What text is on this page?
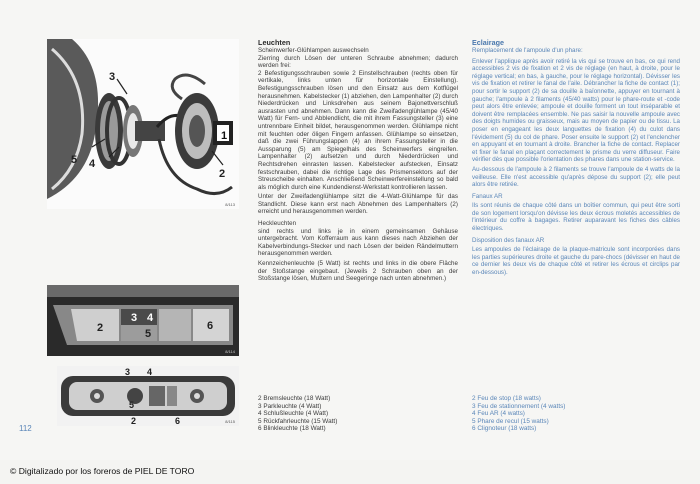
3
5 4
2
1
8/113
2
3 4
5
6
8/114
3 4
5
2	6	8/115
Leuchten

Scheinwerfer-Glühlampen auswechseln

Zierring durch Lösen der unteren Schraube abnehmen; dadurch werden frei:

2 Befestigungsschrauben sowie 2 Einstellschrauben (rechts oben für vertikale, links unten für horizontale Einstellung). Befestigungsschrauben lösen und den Einsatz aus dem Kotflügel herausnehmen. Kabelstecker (1) abziehen, den Lampenhalter (2) durch Niederdrücken und Linksdrehen aus seinem Bajonettverschluß ausrasten und abnehmen. Dann kann die Zweifadenglühlampe (45/40 Watt) für Fern- und Abblendlicht, die mit ihrem Fassungsteller (3) eine untrennbare Einheit bildet, herausgenommen werden. Glühlampe nicht mit feuchten oder öligen Fingern anfassen. Glühlampe so einsetzen, daß die zwei Führungslappen (4) an ihrem Fassungsteller in die Aussparung (5) am Spiegelhals des Scheinwerfers eingreifen. Lampenhalter (2) aufsetzen und durch Niederdrücken und Rechtsdrehen einrasten lassen. Kabelstecker aufstecken, Einsatz festschrauben, dabei die richtige Lage des Prismensektors auf der Streuscheibe einhalten. Anschließend Scheinwerfereinstellung so bald als möglich durch eine Kundendienst-Werkstatt kontrollieren lassen.

Unter der Zweifadenglühlampe sitzt die 4-Watt-Glühlampe für das Standlicht. Diese kann erst nach Abnehmen des Lampenhalters (2) erreicht und herausgenommen werden.

Heckleuchten

sind rechts und links je in einem gemeinsamen Gehäuse untergebracht. Vom Kofferraum aus kann dieses nach Abziehen der Kabelverbindungs-Stecker und nach Lösen der beiden Rändelmuttern herausgenommen werden.

Kennzeichenleuchte (5 Watt) ist rechts und links in die obere Fläche der Stoßstange eingebaut. (Jeweils 2 Schrauben oben an der Stoßstange lösen, Muttern und Seegeringe nach unten abnehmen.)

Eclairage

Remplacement de l'ampoule d'un phare:

Enlever l'applique après avoir retiré la vis qui se trouve en bas, ce qui rend accessibles 2 vis de fixation et 2 vis de réglage (en haut, à droite, pour le réglage vertical; en bas, à gauche, pour le réglage horizontal). Dévisser les vis de fixation et retirer le fanal de l'aile. Débrancher la fiche de contact (1); pour sortir le support (2) de sa douille à baïonnette, appuyer en tournant à gauche; l'ampoule à 2 filaments (45/40 watts) pour le phare-route et -code peut alors être enlevée; ampoule et douille forment un tout inséparable et doivent être remplacées ensemble. Ne pas saisir la nouvelle ampoule avec des doigts humides ou graisseux, mais au moyen de papier ou de tissu. La poser en engageant les deux languettes de fixation (4) du culot dans l'évidement (5) du col de phare. Poser ensuite le support (2) et l'enclencher en appuyant et en tournant à droite. Brancher la fiche de contact. Replacer et fixer le fanal en plaçant correctement le prisme du verre diffuseur. Faire vérifier dès que possible l'orientation des phares dans une station-service.

Au-dessous de l'ampoule à 2 filaments se trouve l'ampoule de 4 watts de la veilleuse. Elle n'est accessible qu'après dépose du support (2); elle peut alors être retirée.

Fanaux AR

Ils sont réunis de chaque côté dans un boîtier commun, qui peut être sorti de son logement lorsqu'on dévisse les deux écrous moletés accessibles de l'intérieur du coffre à bagages. Retirer auparavant les fiches des câbles électriques.

Disposition des fanaux AR

Les ampoules de l'éclairage de la plaque-matricule sont incorporées dans les parties supérieures droite et gauche du pare-chocs (dévisser en haut de ce dernier les deux vis de chaque côté et retirer les écrous et circlips par en-dessous).

2 Bremsleuchte (18 Watt)
3 Parkleuchte (4 Watt)
4 Schlußleuchte (4 Watt)
5 Rückfahrleuchte (15 Watt)
6 Blinkleuchte (18 Watt)
2 Feu de stop (18 watts)
3 Feu de stationnement (4 watts)
4 Feu AR (4 watts)
5 Phare de recul (15 watts)
6 Clignoteur (18 watts)
112
© Digitalizado por los foreros de PIEL DE TORO
